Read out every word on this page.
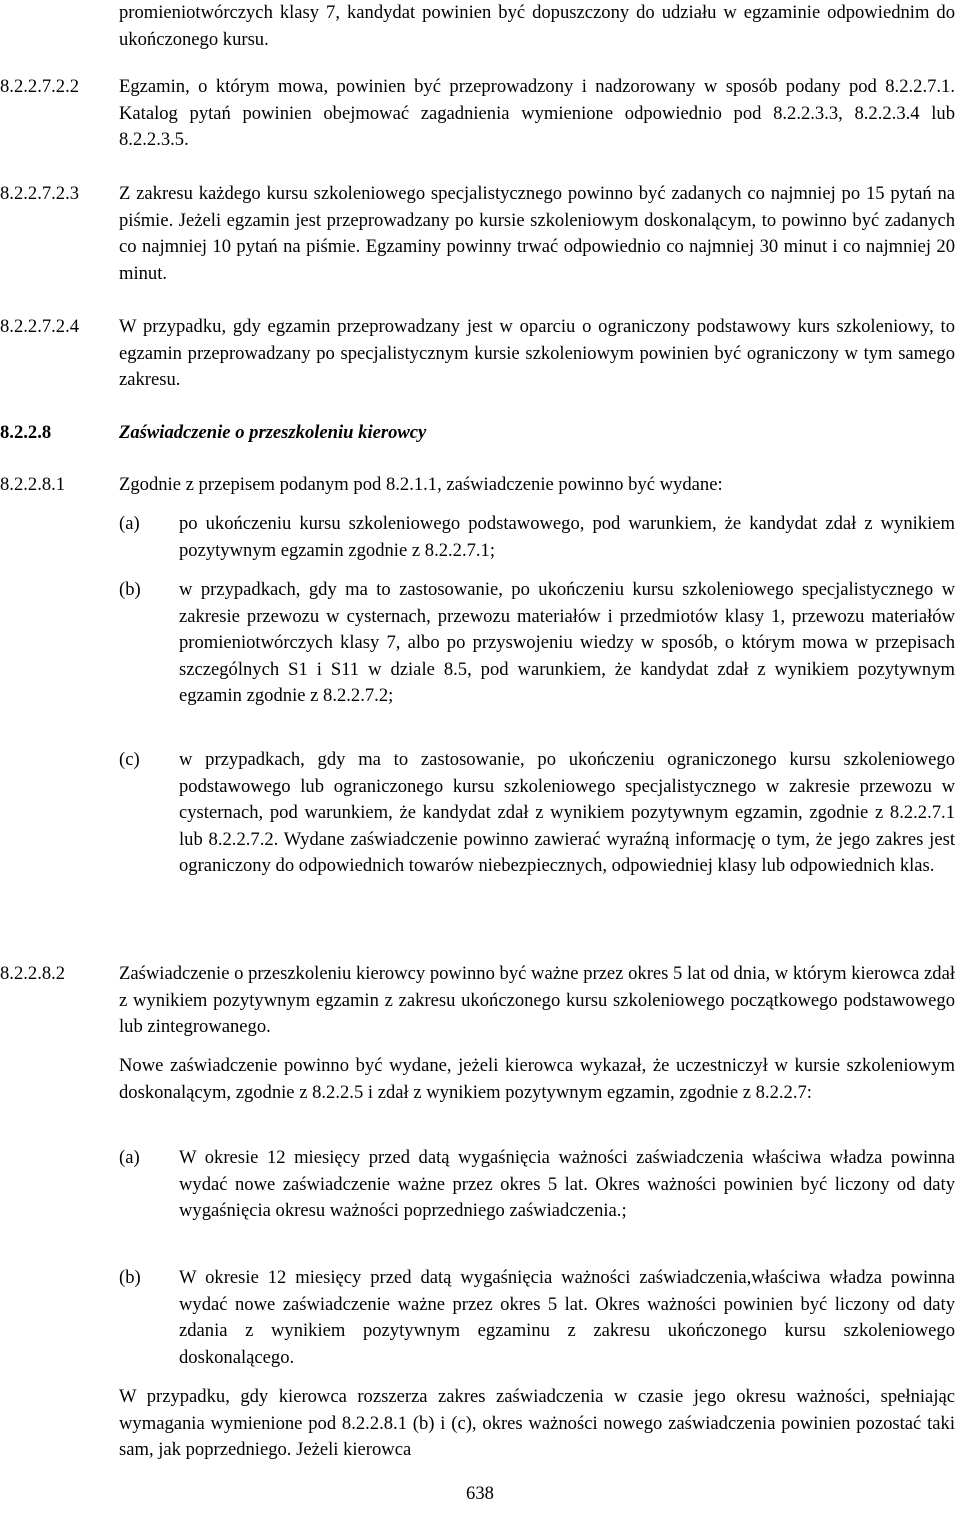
promieniotwórczych klasy 7, kandydat powinien być dopuszczony do udziału w egzaminie odpowiednim do ukończonego kursu.
8.2.2.7.2.2 Egzamin, o którym mowa, powinien być przeprowadzony i nadzorowany w sposób podany pod 8.2.2.7.1. Katalog pytań powinien obejmować zagadnienia wymienione odpowiednio pod 8.2.2.3.3, 8.2.2.3.4 lub 8.2.2.3.5.
8.2.2.7.2.3 Z zakresu każdego kursu szkoleniowego specjalistycznego powinno być zadanych co najmniej po 15 pytań na piśmie. Jeżeli egzamin jest przeprowadzany po kursie szkoleniowym doskonalącym, to powinno być zadanych co najmniej 10 pytań na piśmie. Egzaminy powinny trwać odpowiednio co najmniej 30 minut i co najmniej 20 minut.
8.2.2.7.2.4 W przypadku, gdy egzamin przeprowadzany jest w oparciu o ograniczony podstawowy kurs szkoleniowy, to egzamin przeprowadzany po specjalistycznym kursie szkoleniowym powinien być ograniczony w tym samego zakresu.
8.2.2.8	Zaświadczenie o przeszkoleniu kierowcy
8.2.2.8.1	Zgodnie z przepisem podanym pod 8.2.1.1, zaświadczenie powinno być wydane:
(a) po ukończeniu kursu szkoleniowego podstawowego, pod warunkiem, że kandydat zdał z wynikiem pozytywnym egzamin zgodnie z 8.2.2.7.1;
(b) w przypadkach, gdy ma to zastosowanie, po ukończeniu kursu szkoleniowego specjalistycznego w zakresie przewozu w cysternach, przewozu materiałów i przedmiotów klasy 1, przewozu materiałów promieniotwórczych klasy 7, albo po przyswojeniu wiedzy w sposób, o którym mowa w przepisach szczególnych S1 i S11 w dziale 8.5, pod warunkiem, że kandydat zdał z wynikiem pozytywnym egzamin zgodnie z 8.2.2.7.2;
(c) w przypadkach, gdy ma to zastosowanie, po ukończeniu ograniczonego kursu szkoleniowego podstawowego lub ograniczonego kursu szkoleniowego specjalistycznego w zakresie przewozu w cysternach, pod warunkiem, że kandydat zdał z wynikiem pozytywnym egzamin, zgodnie z 8.2.2.7.1 lub 8.2.2.7.2. Wydane zaświadczenie powinno zawierać wyraźną informację o tym, że jego zakres jest ograniczony do odpowiednich towarów niebezpiecznych, odpowiedniej klasy lub odpowiednich klas.
8.2.2.8.2	Zaświadczenie o przeszkoleniu kierowcy powinno być ważne przez okres 5 lat od dnia, w którym kierowca zdał z wynikiem pozytywnym egzamin z zakresu ukończonego kursu szkoleniowego początkowego podstawowego lub zintegrowanego.
Nowe zaświadczenie powinno być wydane, jeżeli kierowca wykazał, że uczestniczył w kursie szkoleniowym doskonalącym, zgodnie z 8.2.2.5 i zdał z wynikiem pozytywnym egzamin, zgodnie z 8.2.2.7:
(a) W okresie 12 miesięcy przed datą wygaśnięcia ważności zaświadczenia właściwa władza powinna wydać nowe zaświadczenie ważne przez okres 5 lat. Okres ważności powinien być liczony od daty wygaśnięcia okresu ważności poprzedniego zaświadczenia.;
(b) W okresie 12 miesięcy przed datą wygaśnięcia ważności zaświadczenia,właściwa władza powinna wydać nowe zaświadczenie ważne przez okres 5 lat. Okres ważności powinien być liczony od daty zdania z wynikiem pozytywnym egzaminu z zakresu ukończonego kursu szkoleniowego doskonalącego.
W przypadku, gdy kierowca rozszerza zakres zaświadczenia w czasie jego okresu ważności, spełniając wymagania wymienione pod 8.2.2.8.1 (b) i (c), okres ważności nowego zaświadczenia powinien pozostać taki sam, jak poprzedniego. Jeżeli kierowca
638
